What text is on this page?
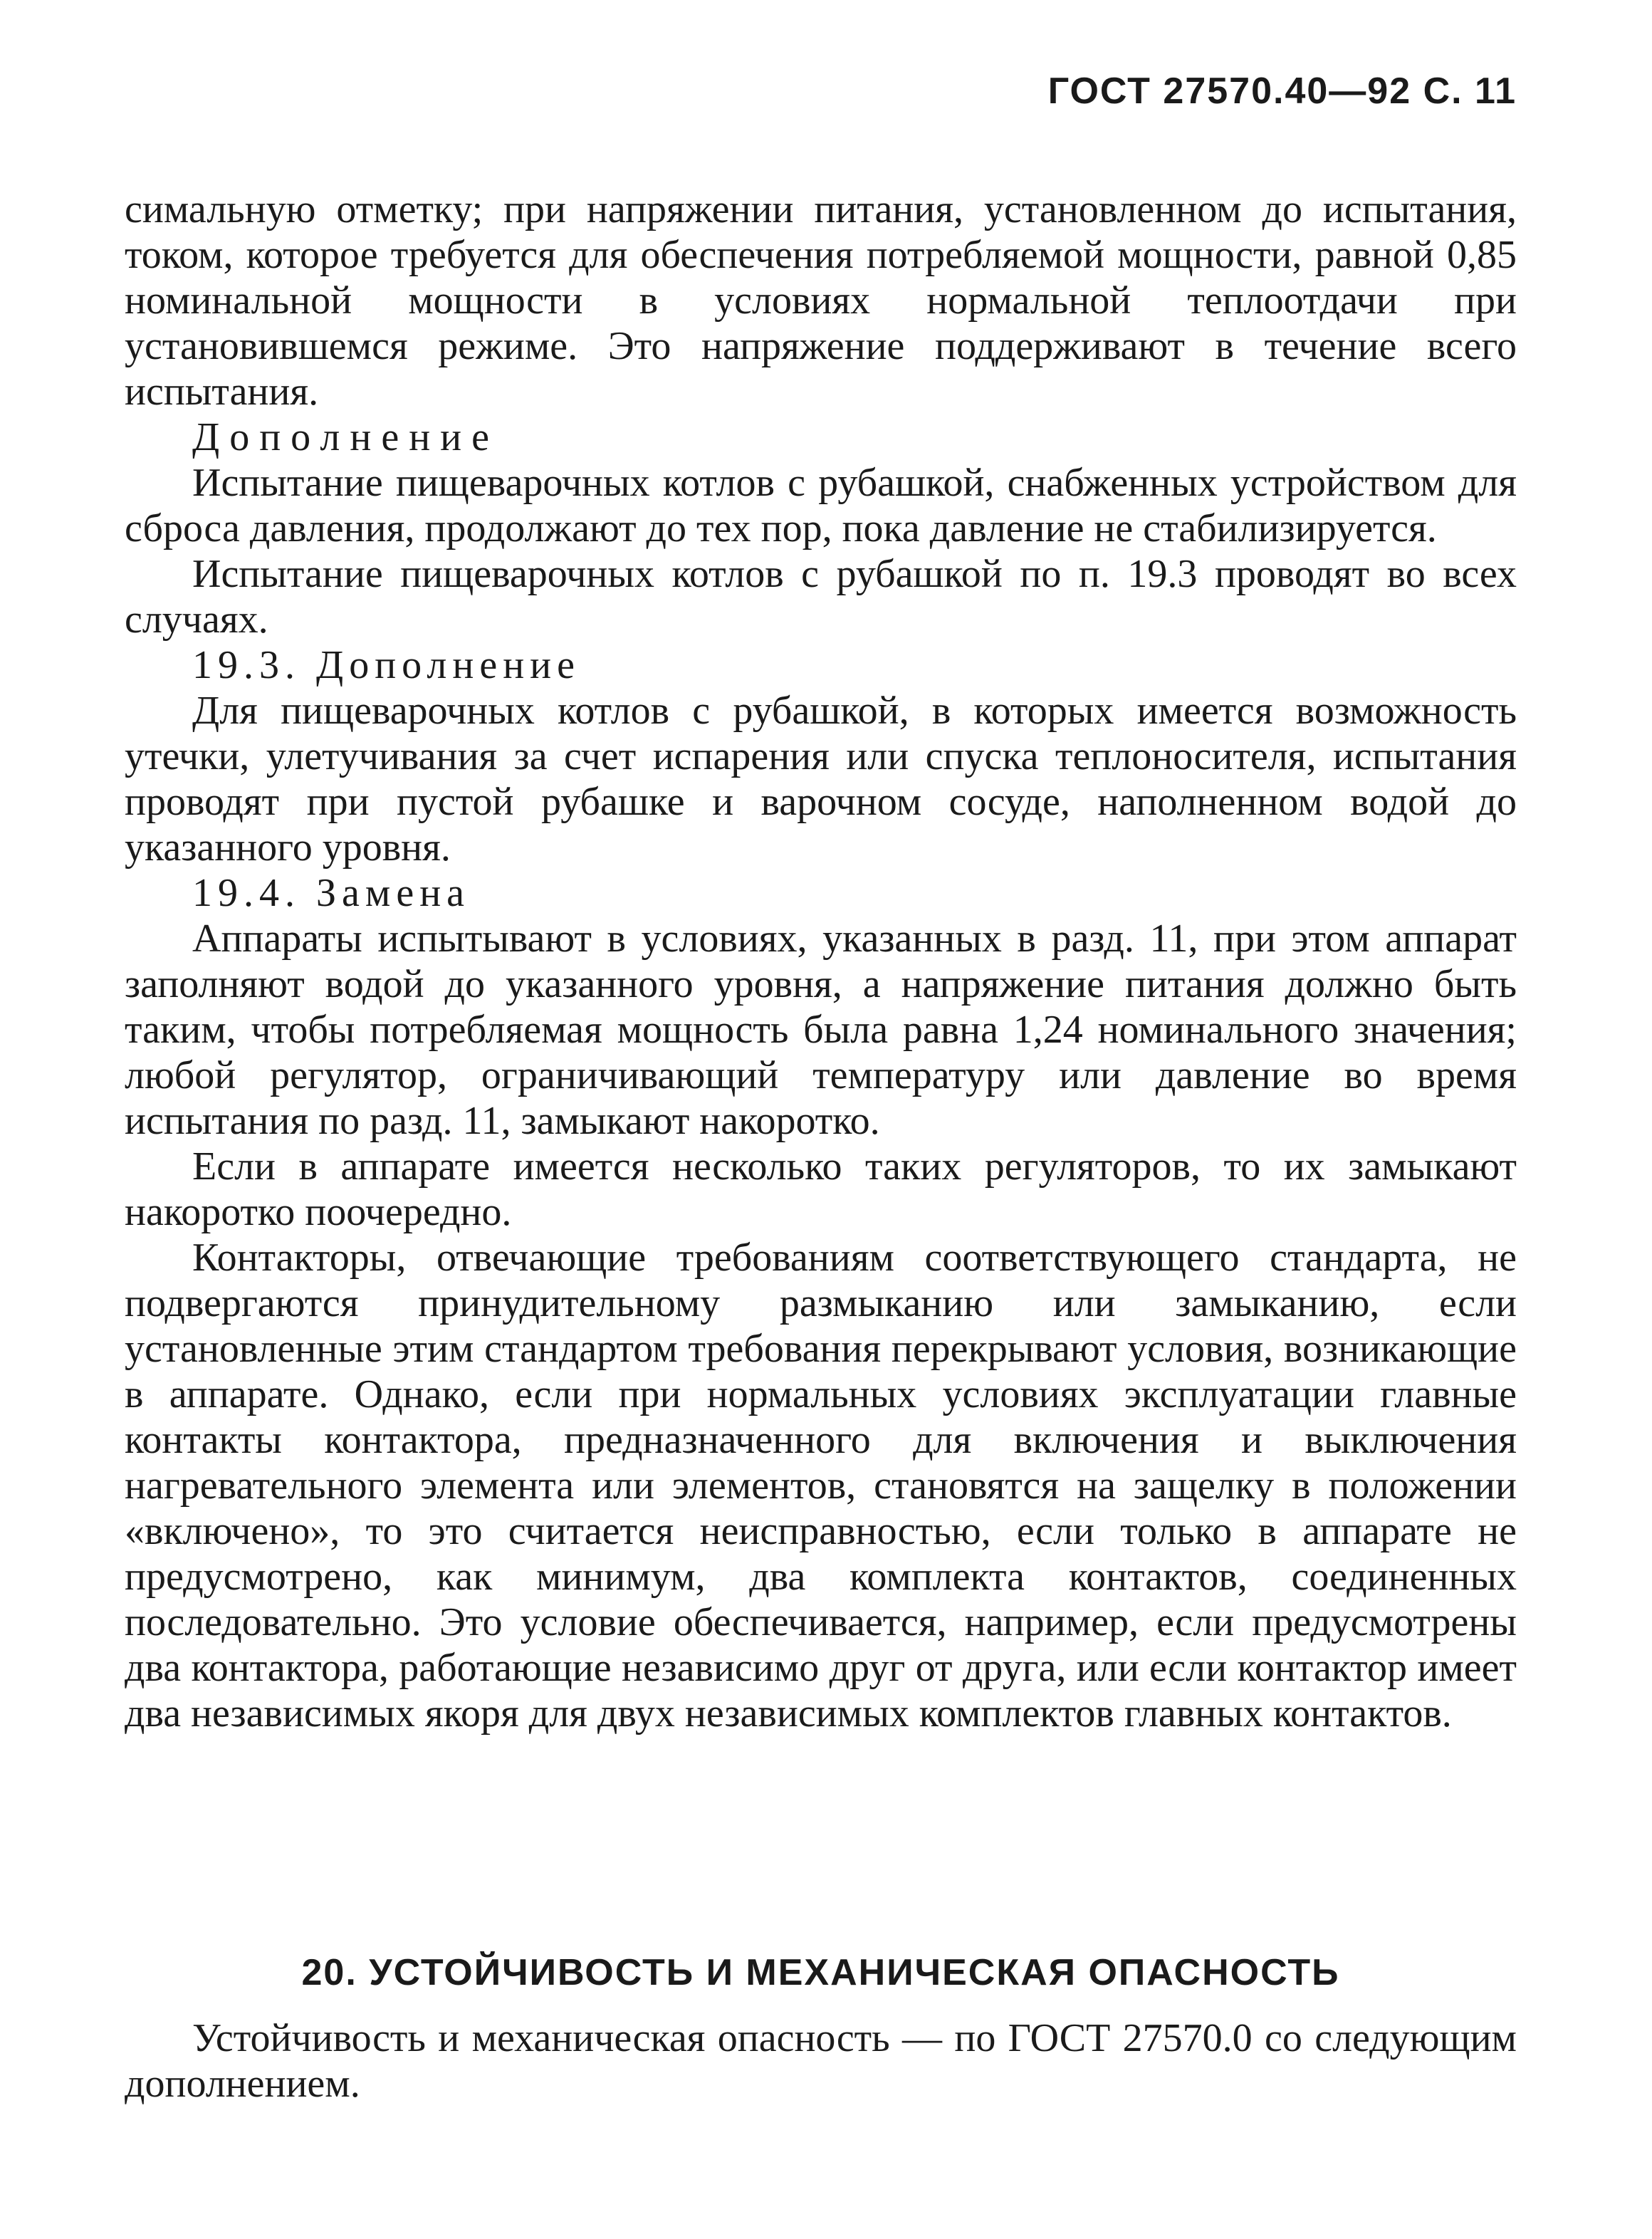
ГОСТ 27570.40—92 С. 11

симальную отметку; при напряжении питания, установленном до испытания, током, которое требуется для обеспечения потребляемой мощности, равной 0,85 номинальной мощности в условиях нормальной теплоотдачи при установившемся режиме. Это напряжение поддерживают в течение всего испытания.

Дополнение

Испытание пищеварочных котлов с рубашкой, снабженных устройством для сброса давления, продолжают до тех пор, пока давление не стабилизируется.

Испытание пищеварочных котлов с рубашкой по п. 19.3 проводят во всех случаях.

19.3. Дополнение

Для пищеварочных котлов с рубашкой, в которых имеется возможность утечки, улетучивания за счет испарения или спуска теплоносителя, испытания проводят при пустой рубашке и варочном сосуде, наполненном водой до указанного уровня.

19.4. Замена

Аппараты испытывают в условиях, указанных в разд. 11, при этом аппарат заполняют водой до указанного уровня, а напряжение питания должно быть таким, чтобы потребляемая мощность была равна 1,24 номинального значения; любой регулятор, ограничивающий температуру или давление во время испытания по разд. 11, замыкают накоротко.

Если в аппарате имеется несколько таких регуляторов, то их замыкают накоротко поочередно.

Контакторы, отвечающие требованиям соответствующего стандарта, не подвергаются принудительному размыканию или замыканию, если установленные этим стандартом требования перекрывают условия, возникающие в аппарате. Однако, если при нормальных условиях эксплуатации главные контакты контактора, предназначенного для включения и выключения нагревательного элемента или элементов, становятся на защелку в положении «включено», то это считается неисправностью, если только в аппарате не предусмотрено, как минимум, два комплекта контактов, соединенных последовательно. Это условие обеспечивается, например, если предусмотрены два контактора, работающие независимо друг от друга, или если контактор имеет два независимых якоря для двух независимых комплектов главных контактов.

20. УСТОЙЧИВОСТЬ И МЕХАНИЧЕСКАЯ ОПАСНОСТЬ

Устойчивость и механическая опасность — по ГОСТ 27570.0 со следующим дополнением.
